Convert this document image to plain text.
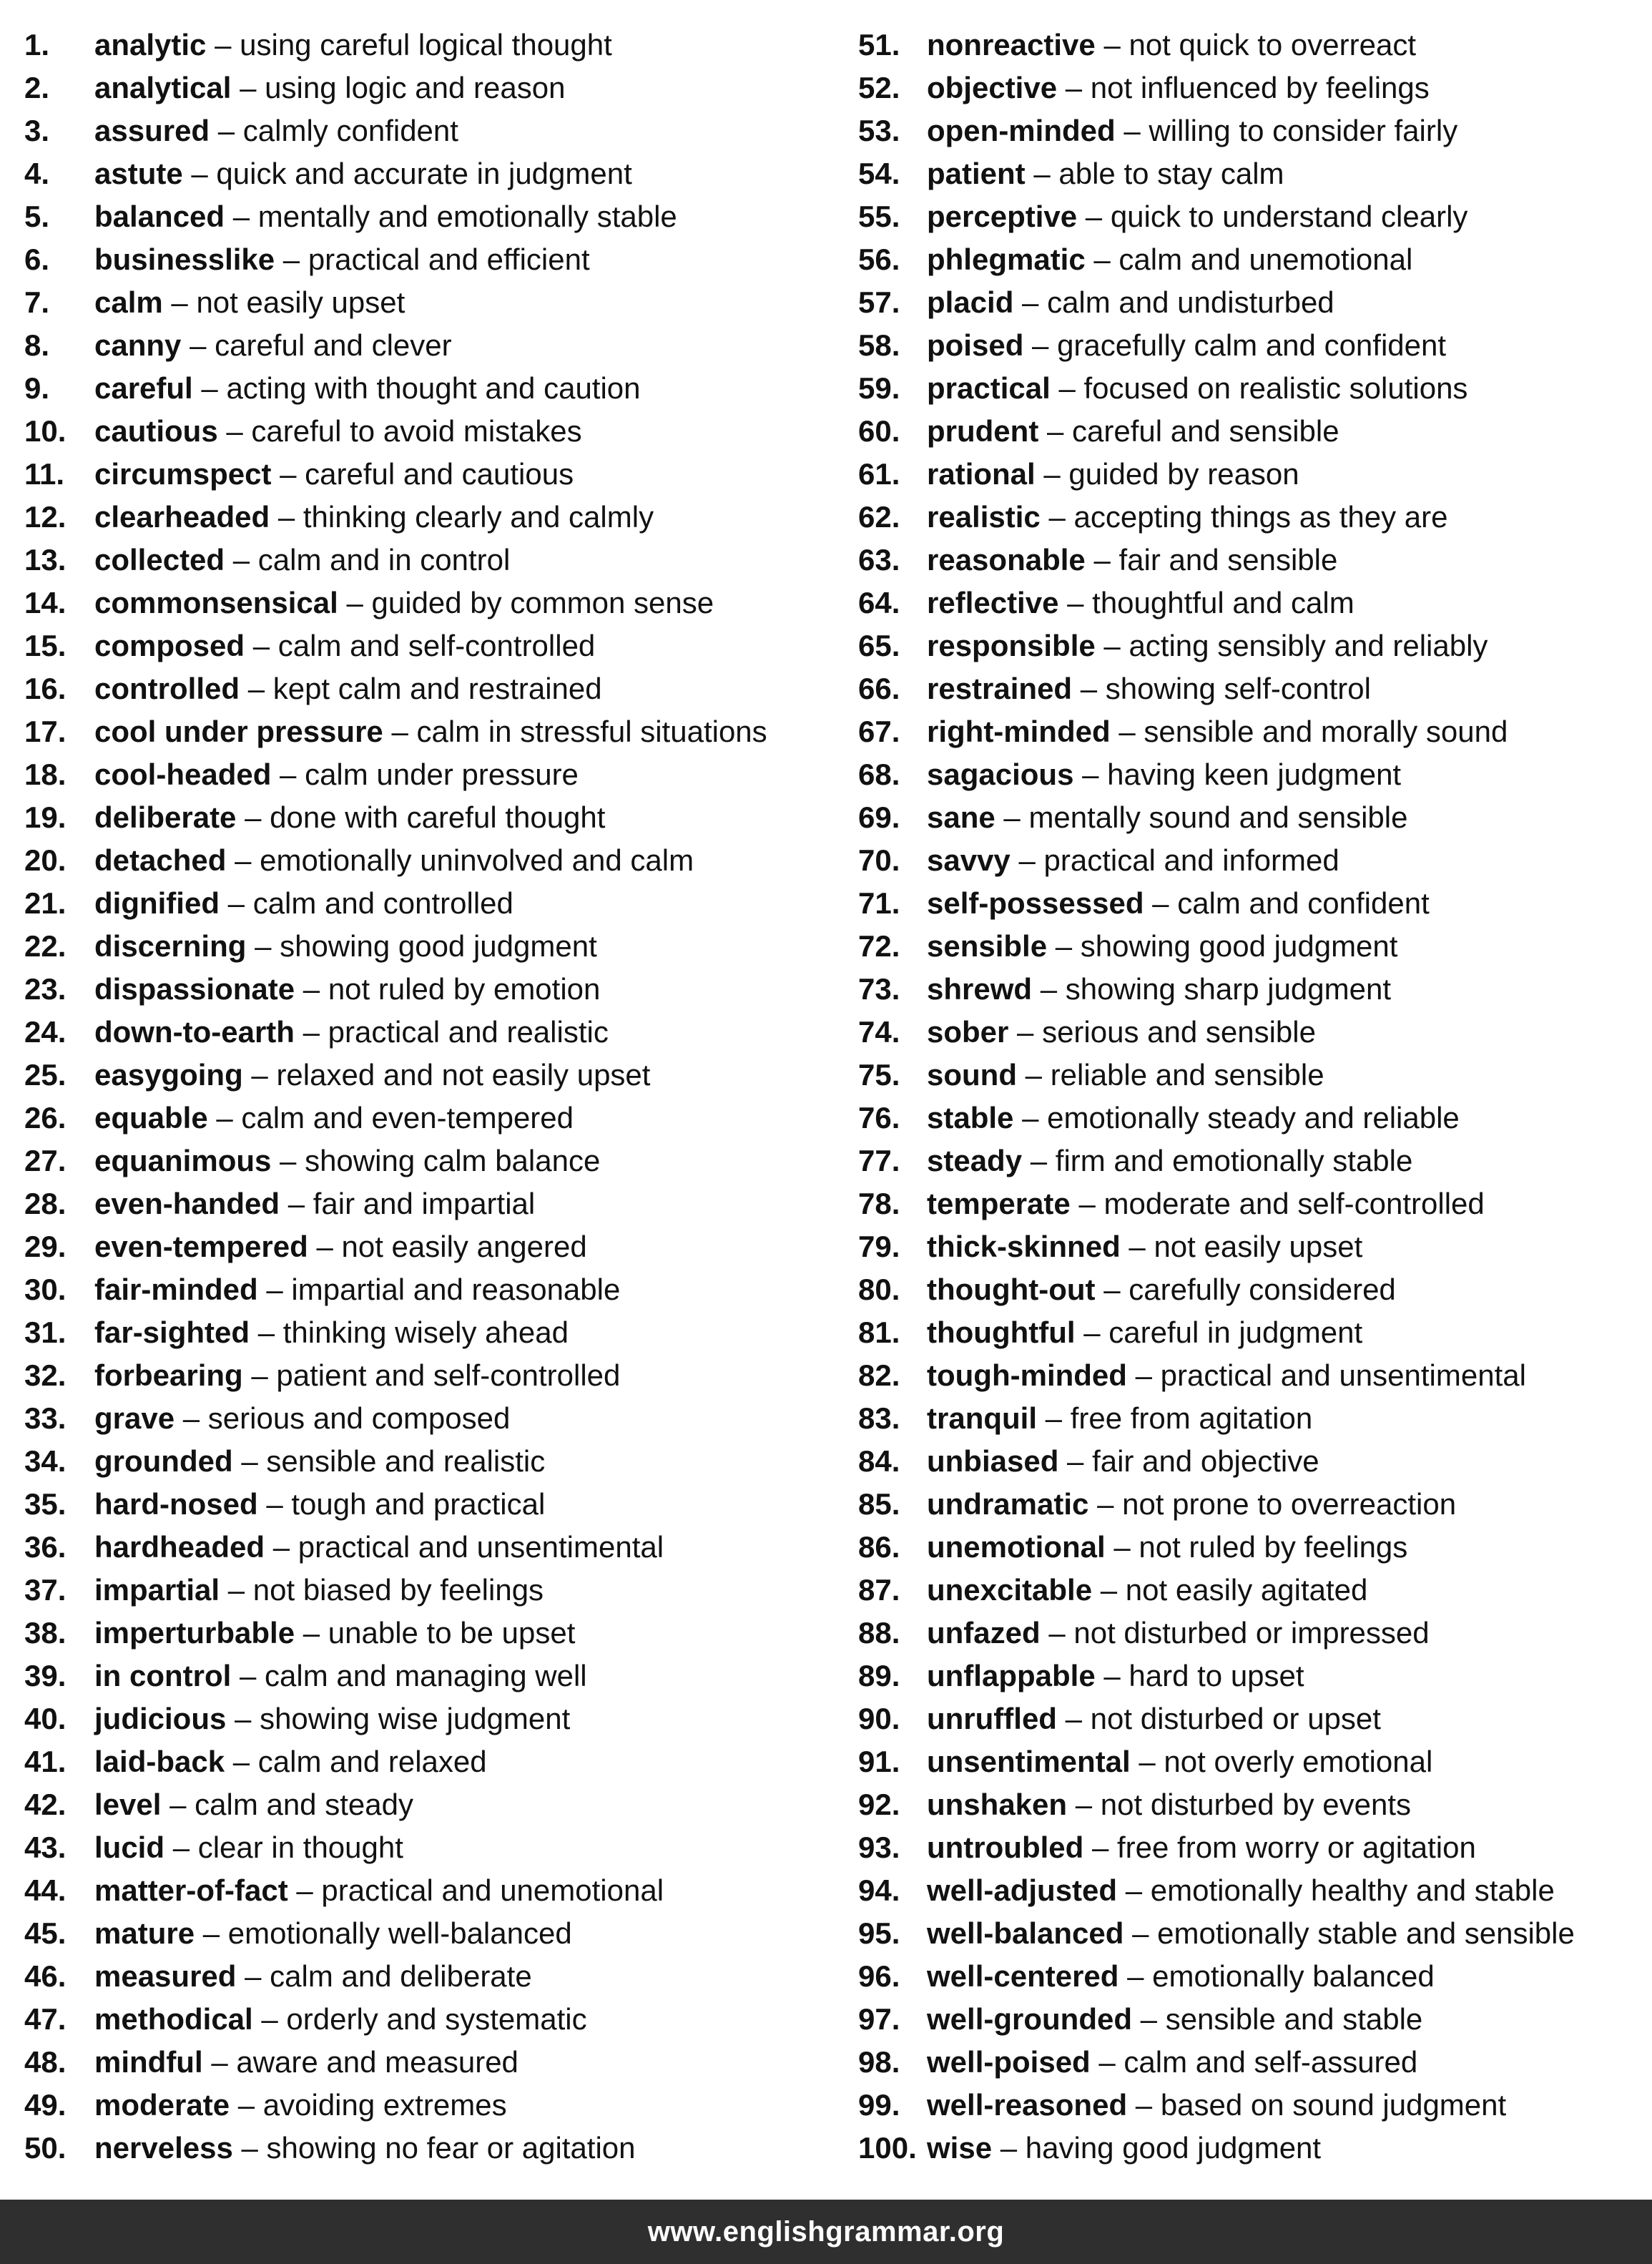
1. analytic – using careful logical thought
2. analytical – using logic and reason
3. assured – calmly confident
4. astute – quick and accurate in judgment
5. balanced – mentally and emotionally stable
6. businesslike – practical and efficient
7. calm – not easily upset
8. canny – careful and clever
9. careful – acting with thought and caution
10. cautious – careful to avoid mistakes
11. circumspect – careful and cautious
12. clearheaded – thinking clearly and calmly
13. collected – calm and in control
14. commonsensical – guided by common sense
15. composed – calm and self-controlled
16. controlled – kept calm and restrained
17. cool under pressure – calm in stressful situations
18. cool-headed – calm under pressure
19. deliberate – done with careful thought
20. detached – emotionally uninvolved and calm
21. dignified – calm and controlled
22. discerning – showing good judgment
23. dispassionate – not ruled by emotion
24. down-to-earth – practical and realistic
25. easygoing – relaxed and not easily upset
26. equable – calm and even-tempered
27. equanimous – showing calm balance
28. even-handed – fair and impartial
29. even-tempered – not easily angered
30. fair-minded – impartial and reasonable
31. far-sighted – thinking wisely ahead
32. forbearing – patient and self-controlled
33. grave – serious and composed
34. grounded – sensible and realistic
35. hard-nosed – tough and practical
36. hardheaded – practical and unsentimental
37. impartial – not biased by feelings
38. imperturbable – unable to be upset
39. in control – calm and managing well
40. judicious – showing wise judgment
41. laid-back – calm and relaxed
42. level – calm and steady
43. lucid – clear in thought
44. matter-of-fact – practical and unemotional
45. mature – emotionally well-balanced
46. measured – calm and deliberate
47. methodical – orderly and systematic
48. mindful – aware and measured
49. moderate – avoiding extremes
50. nerveless – showing no fear or agitation
51. nonreactive – not quick to overreact
52. objective – not influenced by feelings
53. open-minded – willing to consider fairly
54. patient – able to stay calm
55. perceptive – quick to understand clearly
56. phlegmatic – calm and unemotional
57. placid – calm and undisturbed
58. poised – gracefully calm and confident
59. practical – focused on realistic solutions
60. prudent – careful and sensible
61. rational – guided by reason
62. realistic – accepting things as they are
63. reasonable – fair and sensible
64. reflective – thoughtful and calm
65. responsible – acting sensibly and reliably
66. restrained – showing self-control
67. right-minded – sensible and morally sound
68. sagacious – having keen judgment
69. sane – mentally sound and sensible
70. savvy – practical and informed
71. self-possessed – calm and confident
72. sensible – showing good judgment
73. shrewd – showing sharp judgment
74. sober – serious and sensible
75. sound – reliable and sensible
76. stable – emotionally steady and reliable
77. steady – firm and emotionally stable
78. temperate – moderate and self-controlled
79. thick-skinned – not easily upset
80. thought-out – carefully considered
81. thoughtful – careful in judgment
82. tough-minded – practical and unsentimental
83. tranquil – free from agitation
84. unbiased – fair and objective
85. undramatic – not prone to overreaction
86. unemotional – not ruled by feelings
87. unexcitable – not easily agitated
88. unfazed – not disturbed or impressed
89. unflappable – hard to upset
90. unruffled – not disturbed or upset
91. unsentimental – not overly emotional
92. unshaken – not disturbed by events
93. untroubled – free from worry or agitation
94. well-adjusted – emotionally healthy and stable
95. well-balanced – emotionally stable and sensible
96. well-centered – emotionally balanced
97. well-grounded – sensible and stable
98. well-poised – calm and self-assured
99. well-reasoned – based on sound judgment
100. wise – having good judgment
www.englishgrammar.org
